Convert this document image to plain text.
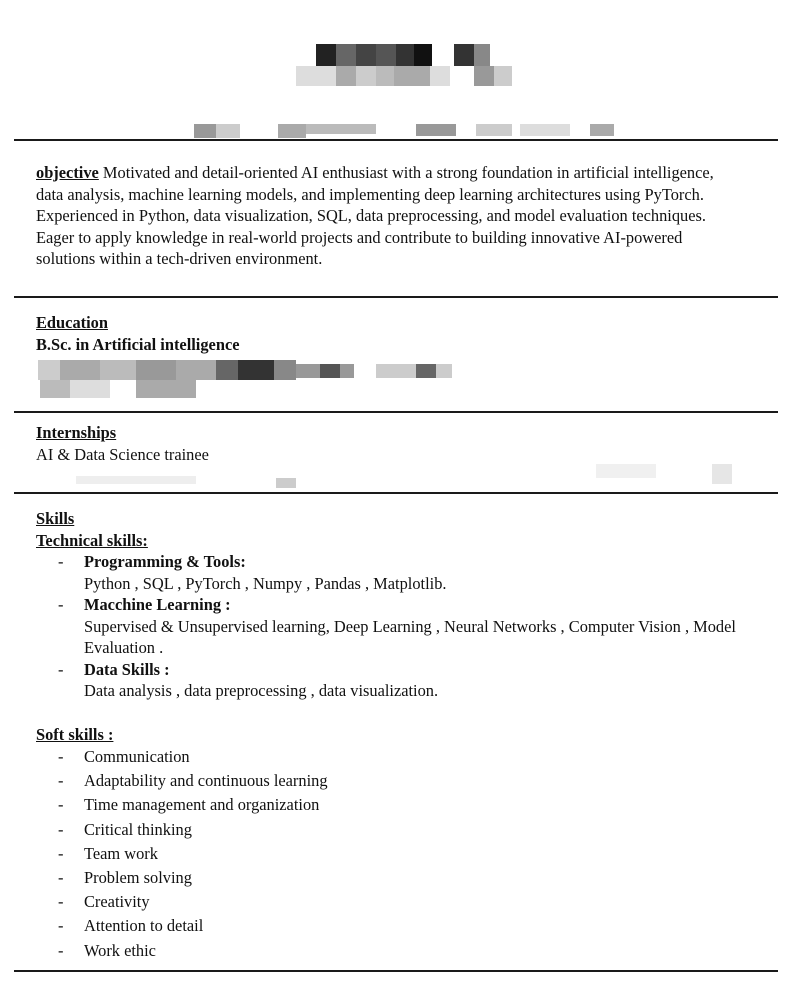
objective Motivated and detail-oriented AI enthusiast with a strong foundation in artificial intelligence, data analysis, machine learning models, and implementing deep learning architectures using PyTorch. Experienced in Python, data visualization, SQL, data preprocessing, and model evaluation techniques. Eager to apply knowledge in real-world projects and contribute to building innovative AI-powered solutions within a tech-driven environment.
Education
B.Sc. in Artificial intelligence
Internships
AI & Data Science trainee
Skills
Technical skills:
- Programming & Tools:
Python , SQL , PyTorch , Numpy , Pandas , Matplotlib.
- Macchine Learning :
Supervised & Unsupervised learning, Deep Learning , Neural Networks , Computer Vision , Model Evaluation .
- Data Skills :
Data analysis , data preprocessing , data visualization.
Soft skills :
- Communication
- Adaptability and continuous learning
- Time management and organization
- Critical thinking
- Team work
- Problem solving
- Creativity
- Attention to detail
- Work ethic
